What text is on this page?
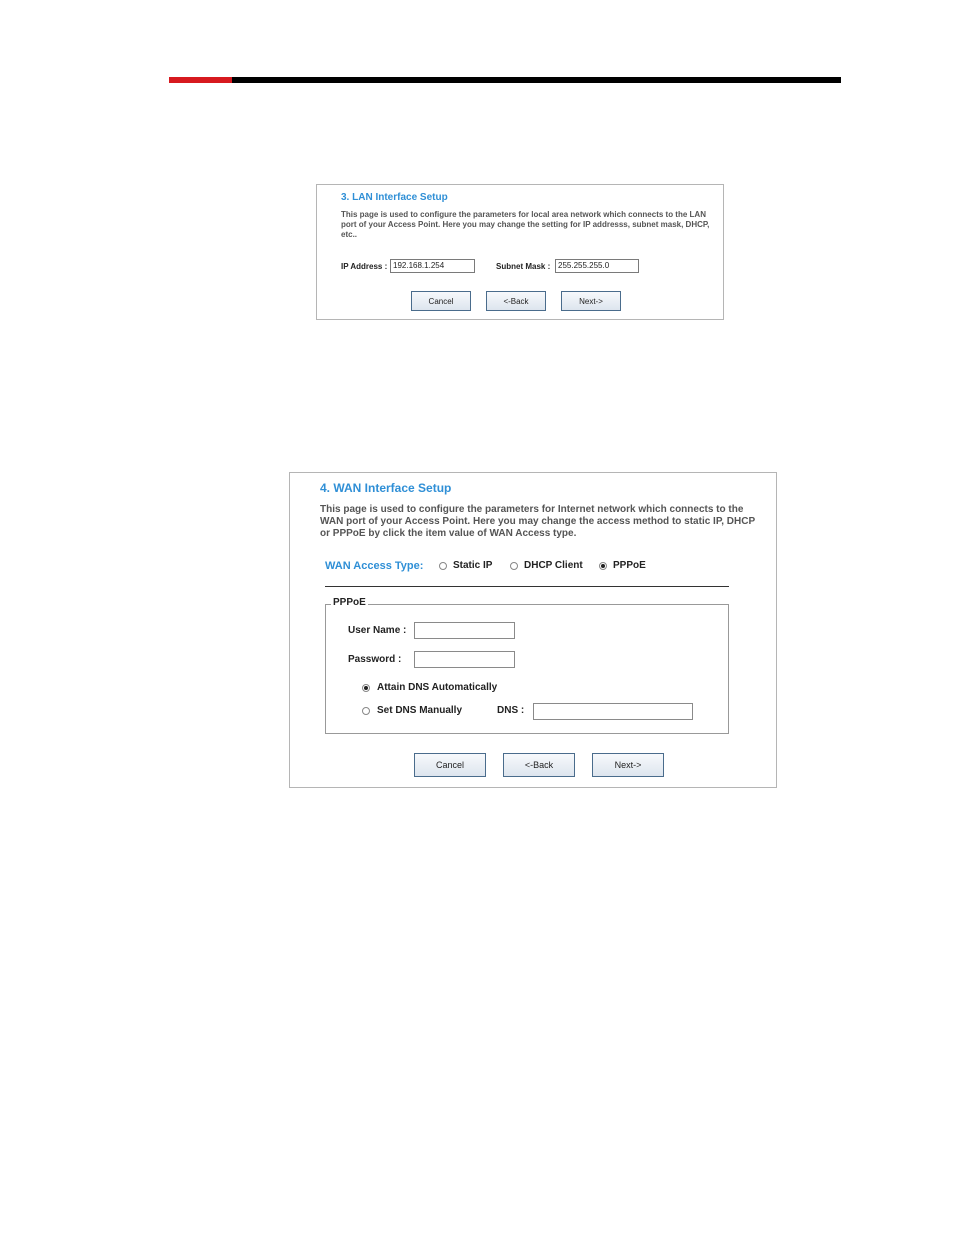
3. LAN Interface Setup
This page is used to configure the parameters for local area network which connects to the LAN port of your Access Point. Here you may change the setting for IP addresss, subnet mask, DHCP, etc..
IP Address : 192.168.1.254	Subnet Mask : 255.255.255.0
Cancel	<-Back	Next->
4. WAN Interface Setup
This page is used to configure the parameters for Internet network which connects to the WAN port of your Access Point. Here you may change the access method to static IP, DHCP or PPPoE by click the item value of WAN Access type.
WAN Access Type:	Static IP	DHCP Client	PPPoE
PPPoE
User Name :
Password :
Attain DNS Automatically
Set DNS Manually	DNS :
Cancel	<-Back	Next->
